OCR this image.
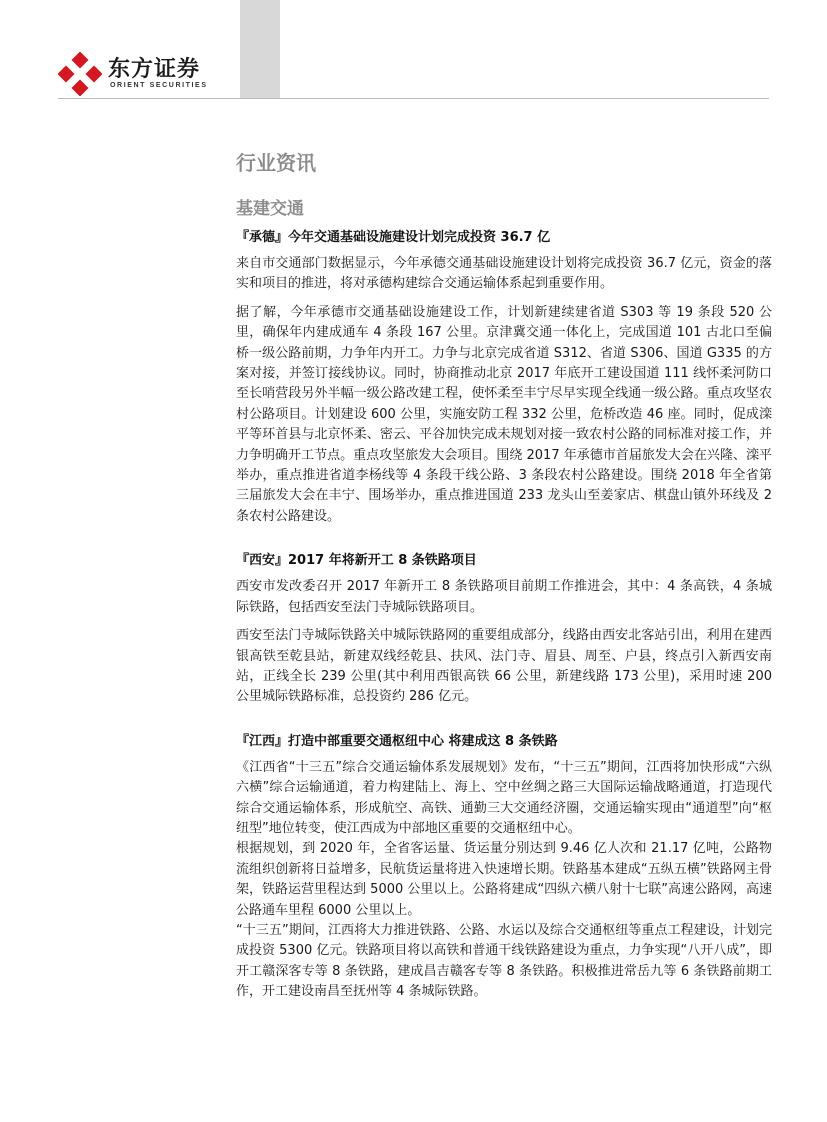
东方证券
ORIENT SECURITIES
行业资讯
基建交通
『承德』今年交通基础设施建设计划完成投资 36.7 亿

来自市交通部门数据显示，今年承德交通基础设施建设计划将完成投资 36.7 亿元，资金的落实和项目的推进，将对承德构建综合交通运输体系起到重要作用。

据了解，今年承德市交通基础设施建设工作，计划新建续建省道 S303 等 19 条段 520 公里，确保年内建成通车 4 条段 167 公里。京津冀交通一体化上，完成国道 101 古北口至偏桥一级公路前期，力争年内开工。力争与北京完成省道 S312、省道 S306、国道 G335 的方案对接，并签订接线协议。同时，协商推动北京 2017 年底开工建设国道 111 线怀柔河防口至长哨营段另外半幅一级公路改建工程，使怀柔至丰宁尽早实现全线通一级公路。重点攻坚农村公路项目。计划建设 600 公里，实施安防工程 332 公里，危桥改造 46 座。同时，促成滦平等环首县与北京怀柔、密云、平谷加快完成未规划对接一致农村公路的同标准对接工作，并力争明确开工节点。重点攻坚旅发大会项目。围绕 2017 年承德市首届旅发大会在兴隆、滦平举办，重点推进省道李杨线等 4 条段干线公路、3 条段农村公路建设。围绕 2018 年全省第三届旅发大会在丰宁、围场举办，重点推进国道 233 龙头山至姜家店、棋盘山镇外环线及 2 条农村公路建设。

『西安』2017 年将新开工 8 条铁路项目

西安市发改委召开 2017 年新开工 8 条铁路项目前期工作推进会，其中：4 条高铁，4 条城际铁路，包括西安至法门寺城际铁路项目。

西安至法门寺城际铁路关中城际铁路网的重要组成部分，线路由西安北客站引出，利用在建西银高铁至乾县站，新建双线经乾县、扶风、法门寺、眉县、周至、户县，终点引入新西安南站，正线全长 239 公里(其中利用西银高铁 66 公里，新建线路 173 公里)，采用时速 200 公里城际铁路标准，总投资约 286 亿元。

『江西』打造中部重要交通枢纽中心 将建成这 8 条铁路

《江西省“十三五”综合交通运输体系发展规划》发布，“十三五”期间，江西将加快形成“六纵六横”综合运输通道，着力构建陆上、海上、空中丝绸之路三大国际运输战略通道，打造现代综合交通运输体系，形成航空、高铁、通勤三大交通经济圈，交通运输实现由“通道型”向“枢纽型”地位转变，使江西成为中部地区重要的交通枢纽中心。

根据规划，到 2020 年，全省客运量、货运量分别达到 9.46 亿人次和 21.17 亿吨，公路物流组织创新将日益增多，民航货运量将进入快速增长期。铁路基本建成“五纵五横”铁路网主骨架，铁路运营里程达到 5000 公里以上。公路将建成“四纵六横八射十七联”高速公路网，高速公路通车里程 6000 公里以上。

“十三五”期间，江西将大力推进铁路、公路、水运以及综合交通枢纽等重点工程建设，计划完成投资 5300 亿元。铁路项目将以高铁和普通干线铁路建设为重点，力争实现“八开八成”，即开工赣深客专等 8 条铁路，建成昌吉赣客专等 8 条铁路。积极推进常岳九等 6 条铁路前期工作，开工建设南昌至抚州等 4 条城际铁路。
